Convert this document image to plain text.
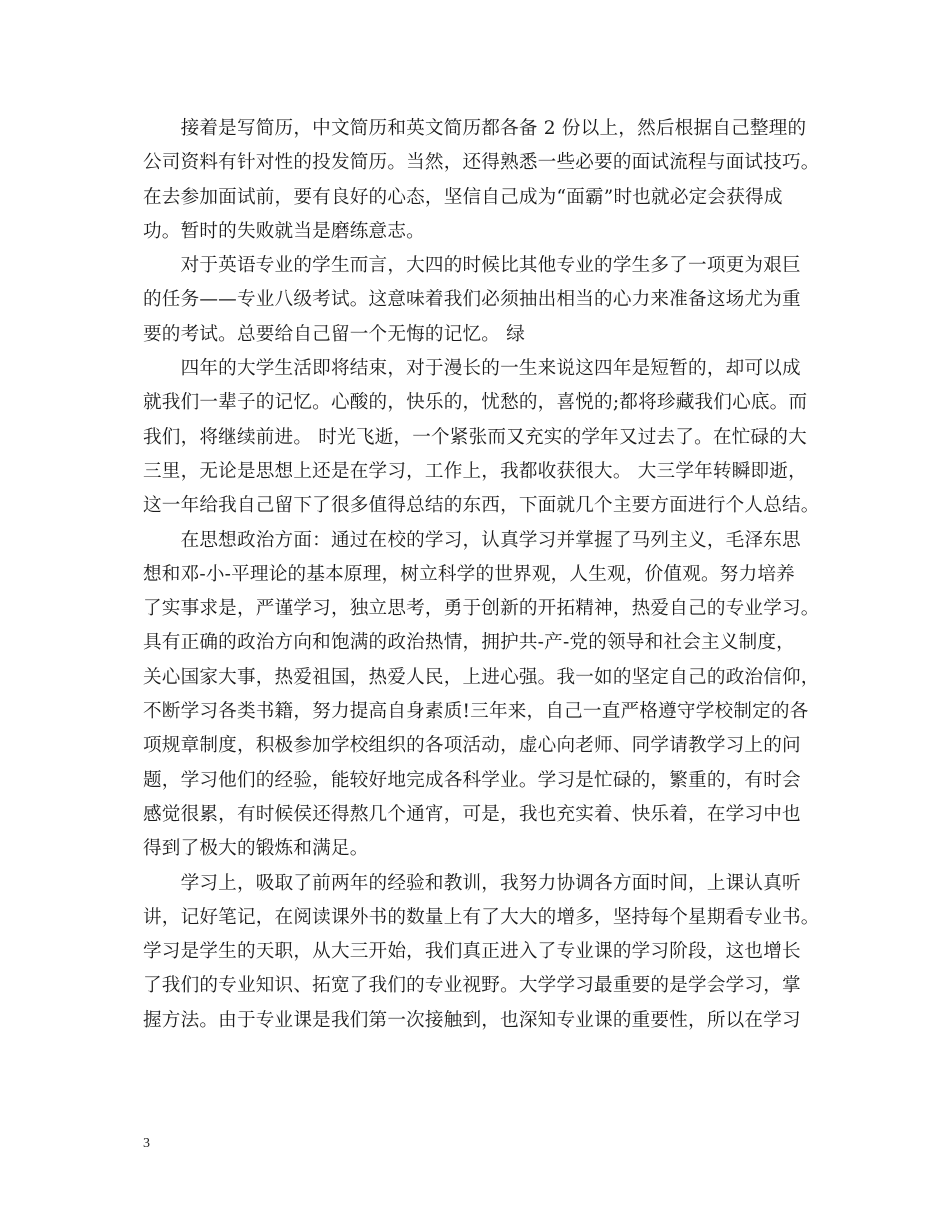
　　接着是写简历，中文简历和英文简历都各备 2 份以上，然后根据自己整理的
公司资料有针对性的投发简历。当然，还得熟悉一些必要的面试流程与面试技巧。
在去参加面试前，要有良好的心态，坚信自己成为“面霸”时也就必定会获得成
功。暂时的失败就当是磨练意志。

　　对于英语专业的学生而言，大四的时候比其他专业的学生多了一项更为艰巨
的任务——专业八级考试。这意味着我们必须抽出相当的心力来准备这场尤为重
要的考试。总要给自己留一个无悔的记忆。 绿

　　四年的大学生活即将结束，对于漫长的一生来说这四年是短暂的，却可以成
就我们一辈子的记忆。心酸的，快乐的，忧愁的，喜悦的;都将珍藏我们心底。而
我们，将继续前进。 时光飞逝，一个紧张而又充实的学年又过去了。在忙碌的大
三里，无论是思想上还是在学习，工作上，我都收获很大。 大三学年转瞬即逝，
这一年给我自己留下了很多值得总结的东西，下面就几个主要方面进行个人总结。

　　在思想政治方面：通过在校的学习，认真学习并掌握了马列主义，毛泽东思
想和邓-小-平理论的基本原理，树立科学的世界观，人生观，价值观。努力培养
了实事求是，严谨学习，独立思考，勇于创新的开拓精神，热爱自己的专业学习。
具有正确的政治方向和饱满的政治热情，拥护共-产-党的领导和社会主义制度，
关心国家大事，热爱祖国，热爱人民，上进心强。我一如的坚定自己的政治信仰，
不断学习各类书籍，努力提高自身素质!三年来，自己一直严格遵守学校制定的各
项规章制度，积极参加学校组织的各项活动，虚心向老师、同学请教学习上的问
题，学习他们的经验，能较好地完成各科学业。学习是忙碌的，繁重的，有时会
感觉很累，有时候侯还得熬几个通宵，可是，我也充实着、快乐着，在学习中也
得到了极大的锻炼和满足。

　　学习上，吸取了前两年的经验和教训，我努力协调各方面时间，上课认真听
讲，记好笔记，在阅读课外书的数量上有了大大的增多，坚持每个星期看专业书。
学习是学生的天职，从大三开始，我们真正进入了专业课的学习阶段，这也增长
了我们的专业知识、拓宽了我们的专业视野。大学学习最重要的是学会学习，掌
握方法。由于专业课是我们第一次接触到，也深知专业课的重要性，所以在学习

3
